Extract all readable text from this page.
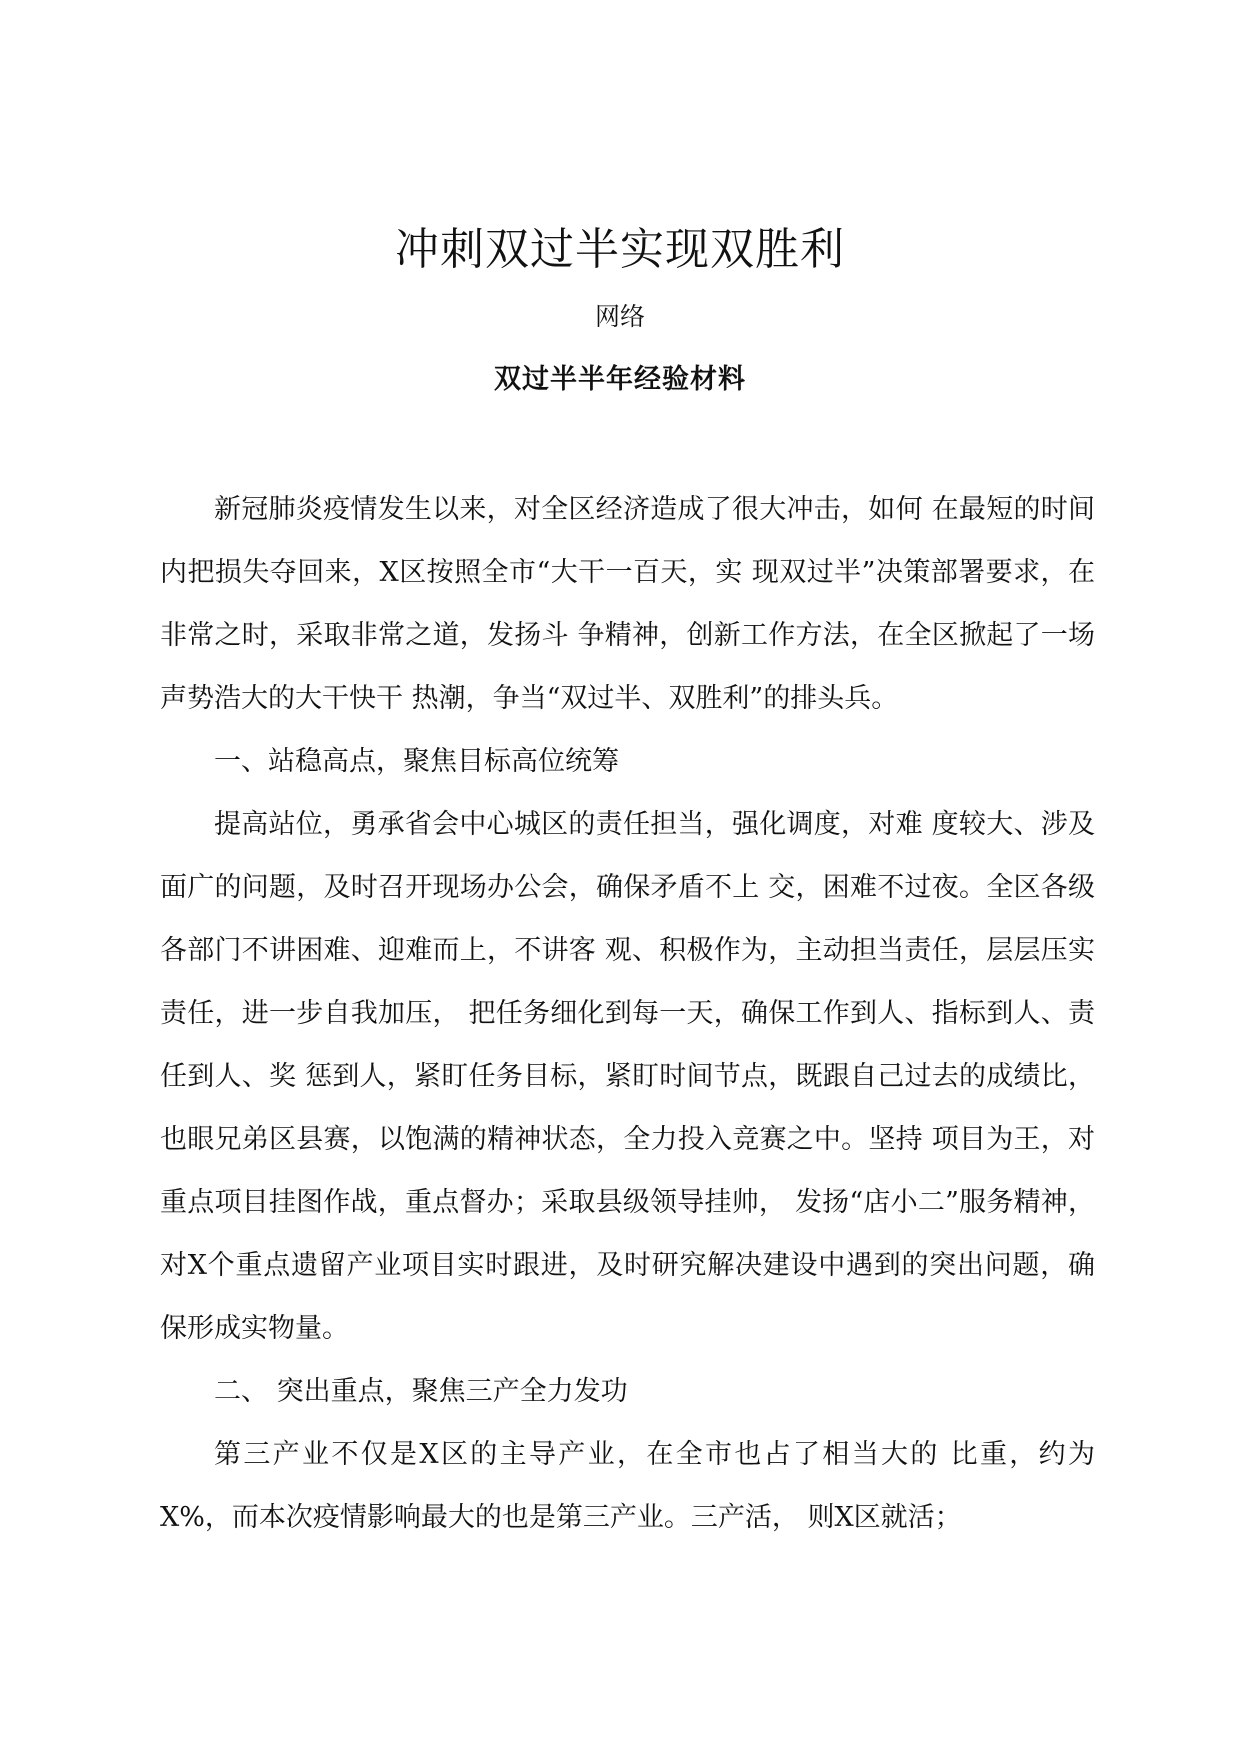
冲刺双过半实现双胜利
网络
双过半半年经验材料

新冠肺炎疫情发生以来，对全区经济造成了很大冲击，如何 在最短的时间内把损失夺回来，X区按照全市“大干一百天，实 现双过半”决策部署要求，在非常之时，采取非常之道，发扬斗 争精神，创新工作方法，在全区掀起了一场声势浩大的大干快干 热潮，争当“双过半、双胜利”的排头兵。

一、站稳高点，聚焦目标高位统筹

提高站位，勇承省会中心城区的责任担当，强化调度，对难 度较大、涉及面广的问题，及时召开现场办公会，确保矛盾不上 交，困难不过夜。全区各级各部门不讲困难、迎难而上，不讲客 观、积极作为，主动担当责任，层层压实责任，进一步自我加压， 把任务细化到每一天，确保工作到人、指标到人、责任到人、奖 惩到人，紧盯任务目标，紧盯时间节点，既跟自己过去的成绩比， 也眼兄弟区县赛，以饱满的精神状态，全力投入竞赛之中。坚持 项目为王，对重点项目挂图作战，重点督办；采取县级领导挂帅， 发扬“店小二”服务精神，对X个重点遗留产业项目实时跟进，及时研究解决建设中遇到的突出问题，确保形成实物量。

二、 突出重点，聚焦三产全力发功

第三产业不仅是X区的主导产业，在全市也占了相当大的 比重，约为X%，而本次疫情影响最大的也是第三产业。三产活， 则X区就活；
